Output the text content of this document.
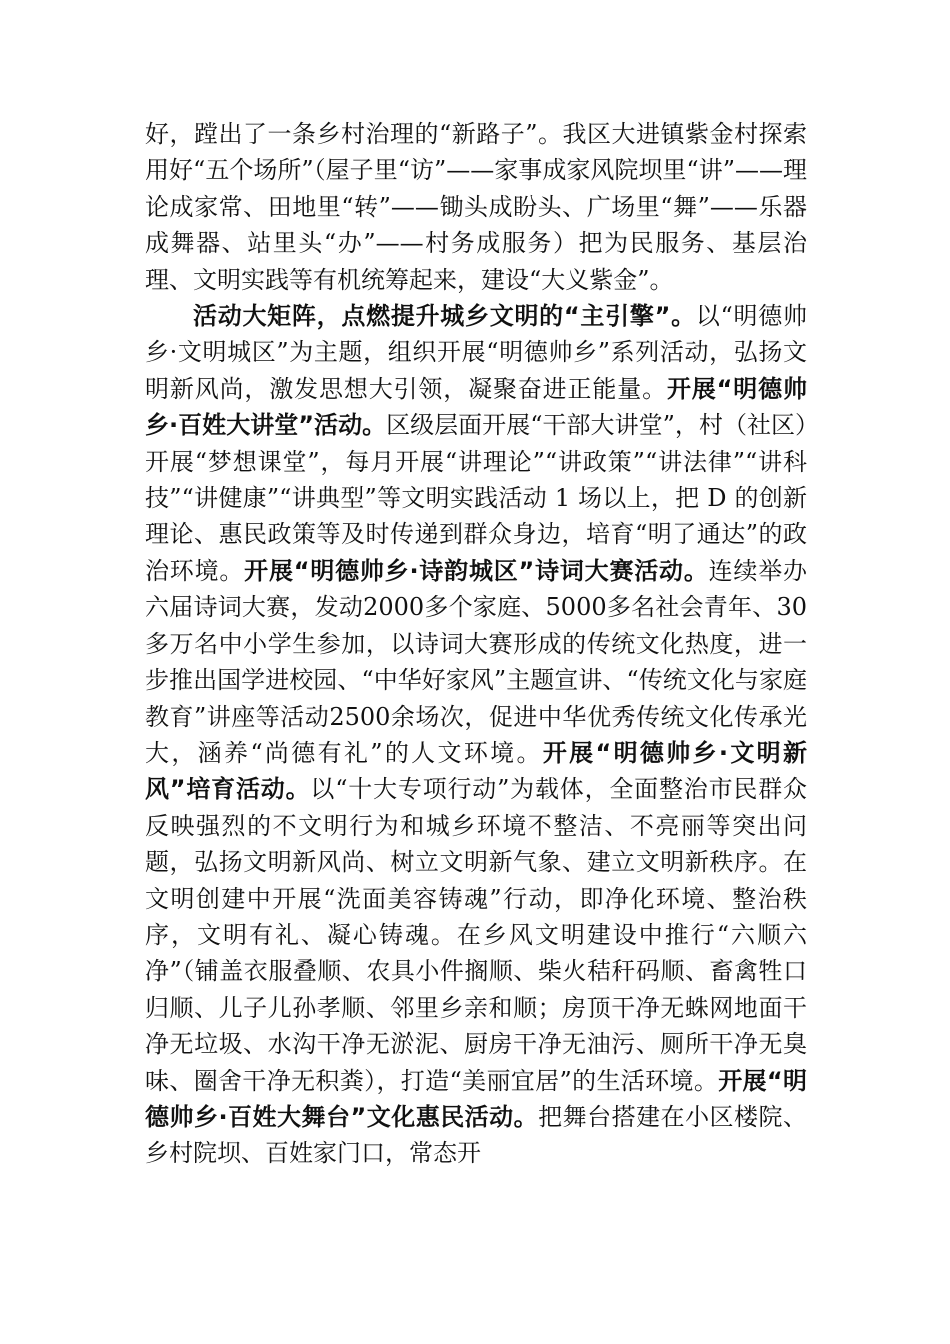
好，蹚出了一条乡村治理的“新路子”。我区大进镇紫金村探索用好“五个场所”（屋子里“访”——家事成家风院坝里“讲”——理论成家常、田地里“转”——锄头成盼头、广场里“舞”——乐器成舞器、站里头“办”——村务成服务）把为民服务、基层治理、文明实践等有机统筹起来，建设“大义紫金”。

活动大矩阵，点燃提升城乡文明的“主引擎”。以“明德帅乡·文明城区”为主题，组织开展“明德帅乡”系列活动，弘扬文明新风尚，激发思想大引领，凝聚奋进正能量。开展“明德帅乡·百姓大讲堂”活动。区级层面开展“干部大讲堂”，村（社区）开展“梦想课堂”，每月开展“讲理论”“讲政策”“讲法律”“讲科技”“讲健康”“讲典型”等文明实践活动 1 场以上，把 D 的创新理论、惠民政策等及时传递到群众身边，培育“明了通达”的政治环境。开展“明德帅乡·诗韵城区”诗词大赛活动。连续举办六届诗词大赛，发动2000多个家庭、5000多名社会青年、30多万名中小学生参加，以诗词大赛形成的传统文化热度，进一步推出国学进校园、“中华好家风”主题宣讲、“传统文化与家庭教育”讲座等活动2500余场次，促进中华优秀传统文化传承光大，涵养“尚德有礼”的人文环境。开展“明德帅乡·文明新风”培育活动。以“十大专项行动”为载体，全面整治市民群众反映强烈的不文明行为和城乡环境不整洁、不亮丽等突出问题，弘扬文明新风尚、树立文明新气象、建立文明新秩序。在文明创建中开展“洗面美容铸魂”行动，即净化环境、整治秩序，文明有礼、凝心铸魂。在乡风文明建设中推行“六顺六净”（铺盖衣服叠顺、农具小件搁顺、柴火秸秆码顺、畜禽牲口归顺、儿子儿孙孝顺、邻里乡亲和顺；房顶干净无蛛网地面干净无垃圾、水沟干净无淤泥、厨房干净无油污、厕所干净无臭味、圈舍干净无积粪），打造“美丽宜居”的生活环境。开展“明德帅乡·百姓大舞台”文化惠民活动。把舞台搭建在小区楼院、乡村院坝、百姓家门口，常态开
